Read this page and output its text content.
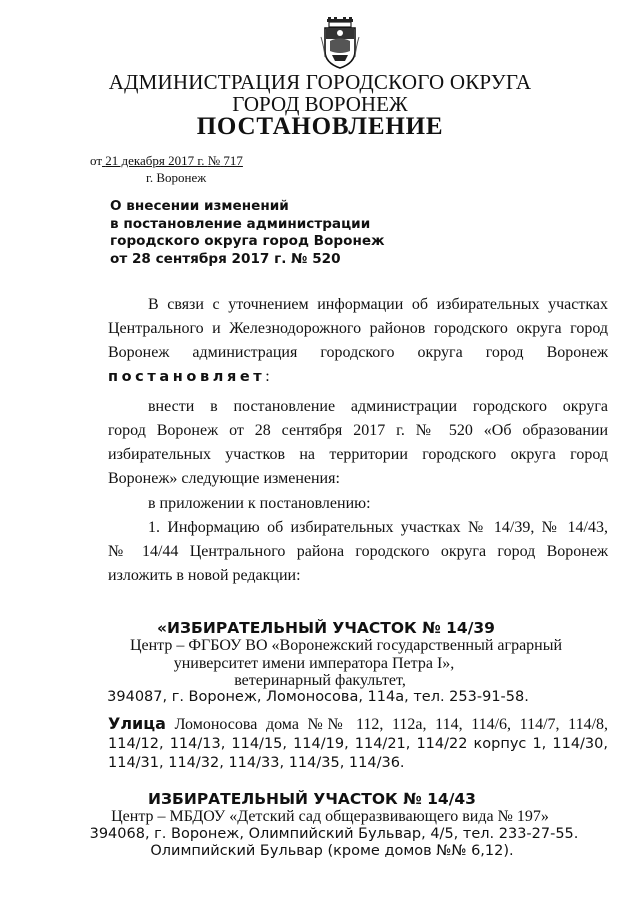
АДМИНИСТРАЦИЯ ГОРОДСКОГО ОКРУГА
ГОРОД ВОРОНЕЖ
ПОСТАНОВЛЕНИЕ
от 21 декабря 2017 г. № 717
г. Воронеж
О внесении изменений
в постановление администрации
городского округа город Воронеж
от 28 сентября 2017 г. № 520
В связи с уточнением информации об избирательных участках
Центрального и Железнодорожного районов городского округа город
Воронеж администрация городского округа город Воронеж
постановляет:
внести в постановление администрации городского округа
город Воронеж от 28 сентября 2017 г. № 520 «Об образовании
избирательных участков на территории городского округа город
Воронеж» следующие изменения:
в приложении к постановлению:
1. Информацию об избирательных участках № 14/39, № 14/43,
№ 14/44 Центрального района городского округа город Воронеж
изложить в новой редакции:
«ИЗБИРАТЕЛЬНЫЙ УЧАСТОК № 14/39
Центр – ФГБОУ ВО «Воронежский государственный аграрный
университет имени императора Петра I»,
ветеринарный факультет,
394087, г. Воронеж, Ломоносова, 114а, тел. 253-91-58.
Улица Ломоносова дома №№ 112, 112а, 114, 114/6, 114/7, 114/8,
114/12, 114/13, 114/15, 114/19, 114/21, 114/22 корпус 1, 114/30,
114/31, 114/32, 114/33, 114/35, 114/36.
ИЗБИРАТЕЛЬНЫЙ УЧАСТОК № 14/43
Центр – МБДОУ «Детский сад общеразвивающего вида № 197»
394068, г. Воронеж, Олимпийский Бульвар, 4/5, тел. 233-27-55.
Олимпийский Бульвар (кроме домов №№ 6,12).
